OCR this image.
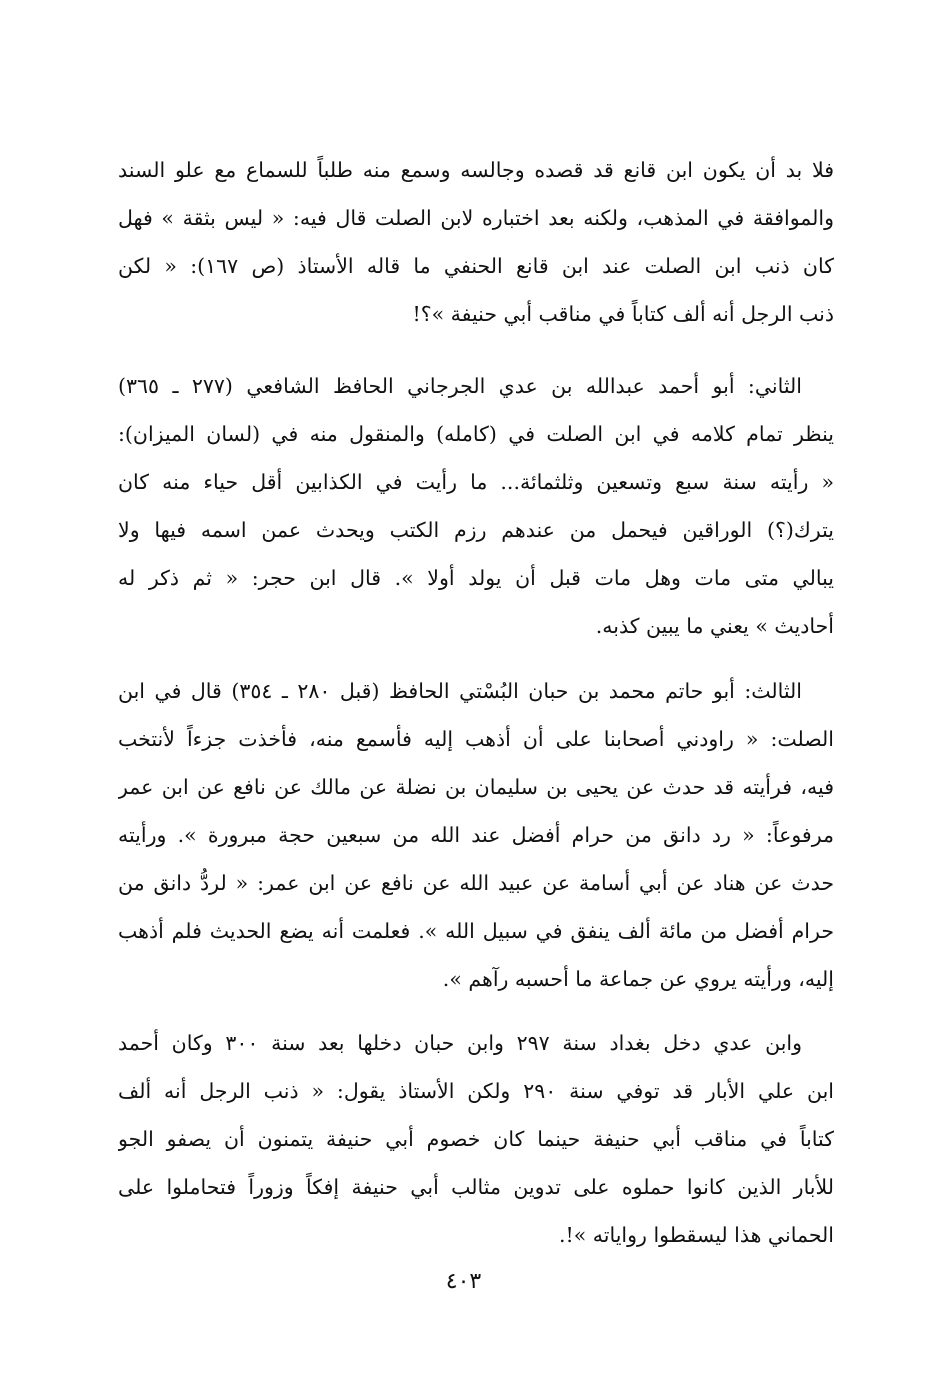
فلا بد أن يكون ابن قانع قد قصده وجالسه وسمع منه طلباً للسماع مع علو السند
والموافقة في المذهب، ولكنه بعد اختباره لابن الصلت قال فيه: « ليس بثقة » فهل
كان ذنب ابن الصلت عند ابن قانع الحنفي ما قاله الأستاذ (ص ١٦٧): « لكن
ذنب الرجل أنه ألف كتاباً في مناقب أبي حنيفة »؟!
الثاني: أبو أحمد عبدالله بن عدي الجرجاني الحافظ الشافعي (٢٧٧ ـ ٣٦٥)
ينظر تمام كلامه في ابن الصلت في (كامله) والمنقول منه في (لسان الميزان):
« رأيته سنة سبع وتسعين وثلثمائة... ما رأيت في الكذابين أقل حياء منه كان
يترك(؟) الوراقين فيحمل من عندهم رزم الكتب ويحدث عمن اسمه فيها ولا
يبالي متى مات وهل مات قبل أن يولد أولا ». قال ابن حجر: « ثم ذكر له
أحاديث » يعني ما يبين كذبه.
الثالث: أبو حاتم محمد بن حبان البُسْتي الحافظ (قبل ٢٨٠ ـ ٣٥٤) قال في ابن
الصلت: « راودني أصحابنا على أن أذهب إليه فأسمع منه، فأخذت جزءاً لأنتخب
فيه، فرأيته قد حدث عن يحيى بن سليمان بن نضلة عن مالك عن نافع عن ابن عمر
مرفوعاً: « رد دانق من حرام أفضل عند الله من سبعين حجة مبرورة ». ورأيته
حدث عن هناد عن أبي أسامة عن عبيد الله عن نافع عن ابن عمر: « لردُّ دانق من
حرام أفضل من مائة ألف ينفق في سبيل الله ». فعلمت أنه يضع الحديث فلم أذهب
إليه، ورأيته يروي عن جماعة ما أحسبه رآهم ».
وابن عدي دخل بغداد سنة ٢٩٧ وابن حبان دخلها بعد سنة ٣٠٠ وكان أحمد
ابن علي الأبار قد توفي سنة ٢٩٠ ولكن الأستاذ يقول: « ذنب الرجل أنه ألف
كتاباً في مناقب أبي حنيفة حينما كان خصوم أبي حنيفة يتمنون أن يصفو الجو
للأبار الذين كانوا حملوه على تدوين مثالب أبي حنيفة إفكاً وزوراً فتحاملوا على
الحماني هذا ليسقطوا رواياته »!.
٤٠٣
